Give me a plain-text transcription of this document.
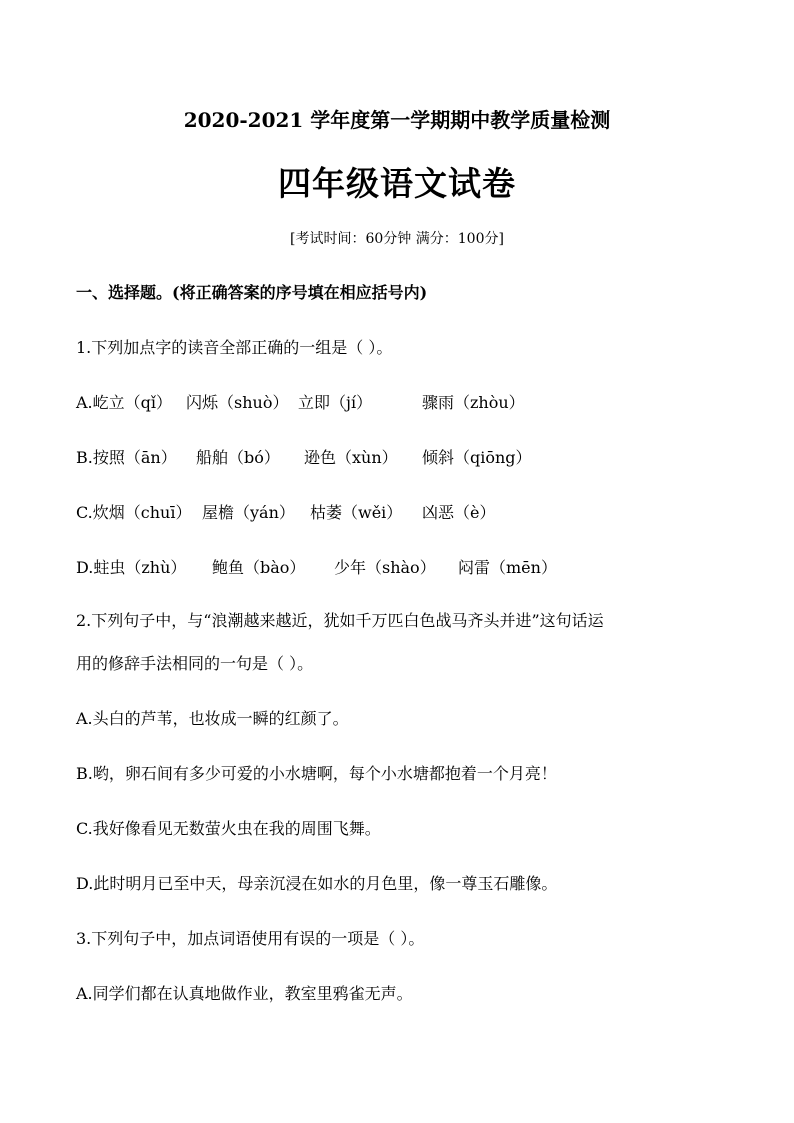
2020-2021 学年度第一学期期中教学质量检测
四年级语文试卷
[考试时间：60分钟 满分：100分]
一、选择题。(将正确答案的序号填在相应括号内)
1.下列加点字的读音全部正确的一组是（ ）。
A.屹立（qǐ） 闪烁（shuò） 立即（jí）	骤雨（zhòu）
B.按照（ān） 船舶（bó） 逊色（xùn） 倾斜（qiōng）
C.炊烟（chuī） 屋檐（yán） 枯萎（wěi） 凶恶（è）
D.蛀虫（zhù） 鲍鱼（bào） 少年（shào） 闷雷（mēn）
2.下列句子中，与“浪潮越来越近，犹如千万匹白色战马齐头并进”这句话运
用的修辞手法相同的一句是（ ）。
A.头白的芦苇，也妆成一瞬的红颜了。
B.哟，卵石间有多少可爱的小水塘啊，每个小水塘都抱着一个月亮！
C.我好像看见无数萤火虫在我的周围飞舞。
D.此时明月已至中天，母亲沉浸在如水的月色里，像一尊玉石雕像。
3.下列句子中，加点词语使用有误的一项是（ ）。
A.同学们都在认真地做作业，教室里鸦雀无声。
